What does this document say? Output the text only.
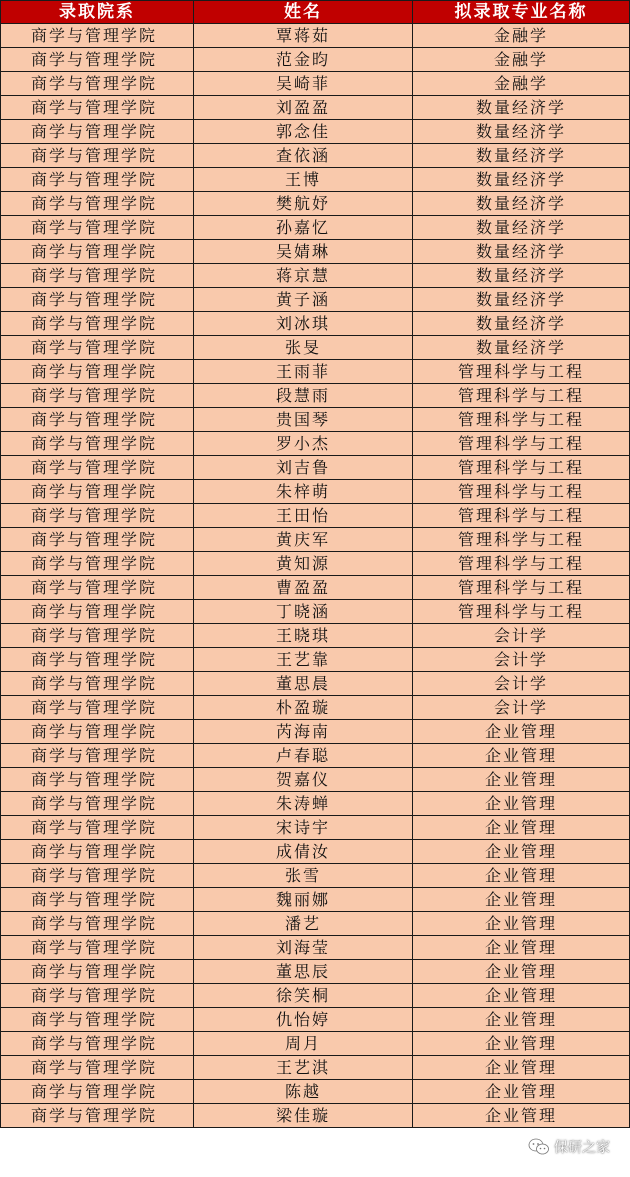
录取院系	姓名	拟录取专业名称
商学与管理学院	覃蒋茹	金融学
商学与管理学院	范金昀	金融学
商学与管理学院	吴崎菲	金融学
商学与管理学院	刘盈盈	数量经济学
商学与管理学院	郭念佳	数量经济学
商学与管理学院	查依涵	数量经济学
商学与管理学院	王博	数量经济学
商学与管理学院	樊航妤	数量经济学
商学与管理学院	孙嘉忆	数量经济学
商学与管理学院	吴婧琳	数量经济学
商学与管理学院	蒋京慧	数量经济学
商学与管理学院	黄子涵	数量经济学
商学与管理学院	刘冰琪	数量经济学
商学与管理学院	张旻	数量经济学
商学与管理学院	王雨菲	管理科学与工程
商学与管理学院	段慧雨	管理科学与工程
商学与管理学院	贵国琴	管理科学与工程
商学与管理学院	罗小杰	管理科学与工程
商学与管理学院	刘吉鲁	管理科学与工程
商学与管理学院	朱梓萌	管理科学与工程
商学与管理学院	王田怡	管理科学与工程
商学与管理学院	黄庆军	管理科学与工程
商学与管理学院	黄知源	管理科学与工程
商学与管理学院	曹盈盈	管理科学与工程
商学与管理学院	丁晓涵	管理科学与工程
商学与管理学院	王晓琪	会计学
商学与管理学院	王艺靠	会计学
商学与管理学院	董思晨	会计学
商学与管理学院	朴盈璇	会计学
商学与管理学院	芮海南	企业管理
商学与管理学院	卢春聪	企业管理
商学与管理学院	贺嘉仪	企业管理
商学与管理学院	朱涛蝉	企业管理
商学与管理学院	宋诗宇	企业管理
商学与管理学院	成倩汝	企业管理
商学与管理学院	张雪	企业管理
商学与管理学院	魏丽娜	企业管理
商学与管理学院	潘艺	企业管理
商学与管理学院	刘海莹	企业管理
商学与管理学院	董思辰	企业管理
商学与管理学院	徐笑桐	企业管理
商学与管理学院	仇怡婷	企业管理
商学与管理学院	周月	企业管理
商学与管理学院	王艺淇	企业管理
商学与管理学院	陈越	企业管理
商学与管理学院	梁佳璇	企业管理
保研之家
